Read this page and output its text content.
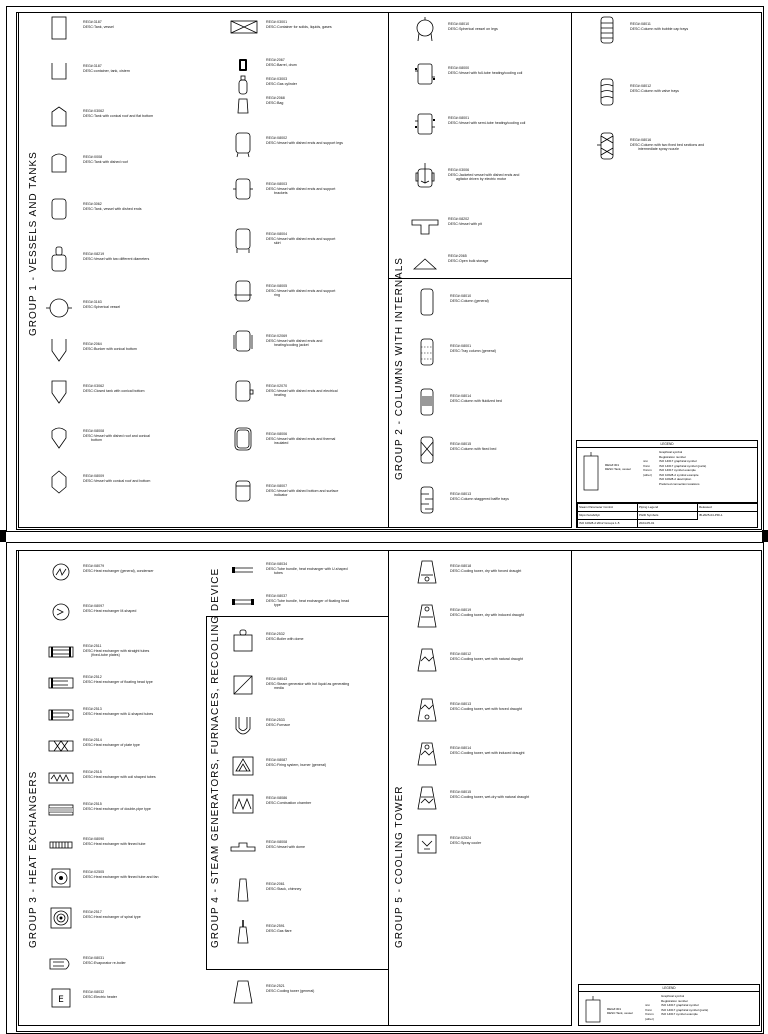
GROUP 1 - VESSELS AND TANKS
GROUP 2 - COLUMNS WITH INTERNALS
REG#:3187
DESC:Tank, vessel
REG#:3187
DESC:container, tank, cistern
REG#:X3062
DESC:Tank with conical roof and flat bottom
REG#:X008
DESC:Tank with dished roof
REG#:3062
DESC:Tank, vessel with dished ends
REG#:X8219
DESC:Vessel with two different diameters
REG#:3163
DESC:Spherical vessel
REG#:2064
DESC:Bunker with conical bottom
REG#:X3062
DESC:Closed tank with conical bottom
REG#:X8008
DESC:Vessel with dished roof and conical
bottom
REG#:X8009
DESC:Vessel with conical roof and bottom
REG#:X3001
DESC:Container for solids, liquids, gases
REG#:2067
DESC:Barrel, drum
REG#:X3003
DESC:Gas cylinder
REG#:2068
DESC:Bag
REG#:X8002
DESC:Vessel with dished ends and support legs
REG#:X8003
DESC:Vessel with dished ends and support
brackets
REG#:X8004
DESC:Vessel with dished ends and support
skirt
REG#:X8005
DESC:Vessel with dished ends and support
ring
REG#:X2069
DESC:Vessel with dished ends and
heating/cooling jacket
REG#:X2070
DESC:Vessel with dished ends and electrical
heating
REG#:X8006
DESC:Vessel with dished ends and thermal
insulated
REG#:X8007
DESC:Vessel with dished bottom and surface
indicator
REG#:X8010
DESC:Spherical vessel on legs
REG#:X8000
DESC:Vessel with full-tube heating/cooling coil
REG#:X8001
DESC:Vessel with semi-tube heating/cooling coil
REG#:X3006
DESC:Jacketed vessel with dished ends and
agitator driven by electric motor
REG#:X8202
DESC:Vessel with pit
REG#:2065
DESC:Open bulk storage
REG#:X8011
DESC:Column with bubble cap trays
REG#:X8012
DESC:Column with valve trays
REG#:X8016
DESC:Column with two fixed bed sections and
intermediate spray nozzle
REG#:X8010
DESC:Column (general)
REG#:X8001
DESC:Tray column (general)
REG#:X8014
DESC:Column with fluidized bed
REG#:X8015
DESC:Column with fixed bed
REG#:X8013
DESC:Column staggered baffle trays
LEGEND
REG#:301
DESC:Tank, vessel
Graphical symbol
Registration number
ISO 14617 graphical symbol
ISO 14617 graphical symbol (parts)
ISO 14617 symbol example
ISO 10628-2 symbol example
ISO 10628-2 description
Preferred connection locations
nnn
Xnnn
Xnnnn
(other)
Steam Parameter Control	Piping Legend	Released
https://a.lab/dyn	P&ID Symbols	IB-2025-04-PID-1
ISO 10628-2:2012 Groups 1-5	2024-05-01
GROUP 3 - HEAT EXCHANGERS	GROUP 4 - STEAM GENERATORS, FURNACES, RECOOLING DEVICE	GROUP 5 - COOLING TOWER
REG#:X8079
DESC:Heat exchanger (general), condenser
REG#:X8097
DESC:Heat exchanger M-shaped
REG#:2511
DESC:Heat exchanger with straight tubes
(fixed-tube plates)
REG#:2512
DESC:Heat exchanger of floating head type
REG#:2513
DESC:Heat exchanger with U-shaped tubes
REG#:2514
DESC:Heat exchanger of plate type
REG#:2515
DESC:Heat exchanger with coil shaped tubes
REG#:2515
DESC:Heat exchanger of double-pipe type
REG#:X8090
DESC:Heat exchanger with finned tube
REG#:X2505
DESC:Heat exchanger with finned tube and fan
REG#:2517
DESC:Heat exchanger of spiral type
REG#:X8031
DESC:Evaporator re-boiler
E
REG#:X8032
DESC:Electric heater
REG#:X8034
DESC:Tube bundle, heat exchanger with U-shaped
tubes
REG#:X8037
DESC:Tube bundle, heat exchanger of floating head
type
REG#:2532
DESC:Boiler with dome
REG#:X8043
DESC:Steam generator with hot liquid as generating
media
REG#:2533
DESC:Furnace
REG#:X8087
DESC:Firing system, burner (general)
REG#:X8086
DESC:Combustion chamber
REG#:X8008
DESC:Vessel with dome
REG#:2061
DESC:Stack, chimney
REG#:2591
DESC:Gas flare
REG#:2521
DESC:Cooling tower (general)
REG#:X8018
DESC:Cooling tower, dry with forced draught
REG#:X8019
DESC:Cooling tower, dry with induced draught
REG#:X8012
DESC:Cooling tower, wet with natural draught
REG#:X8013
DESC:Cooling tower, wet with forced draught
REG#:X8014
DESC:Cooling tower, wet with induced draught
REG#:X8015
DESC:Cooling tower, wet-dry with natural draught
REG#:X2524
DESC:Spray cooler
LEGEND
REG#:301
DESC:Tank, vessel
Graphical symbol
Registration number
ISO 14617 graphical symbol
ISO 14617 graphical symbol (parts)
ISO 14617 symbol example
nnn
Xnnn
Xnnnn
(other)
